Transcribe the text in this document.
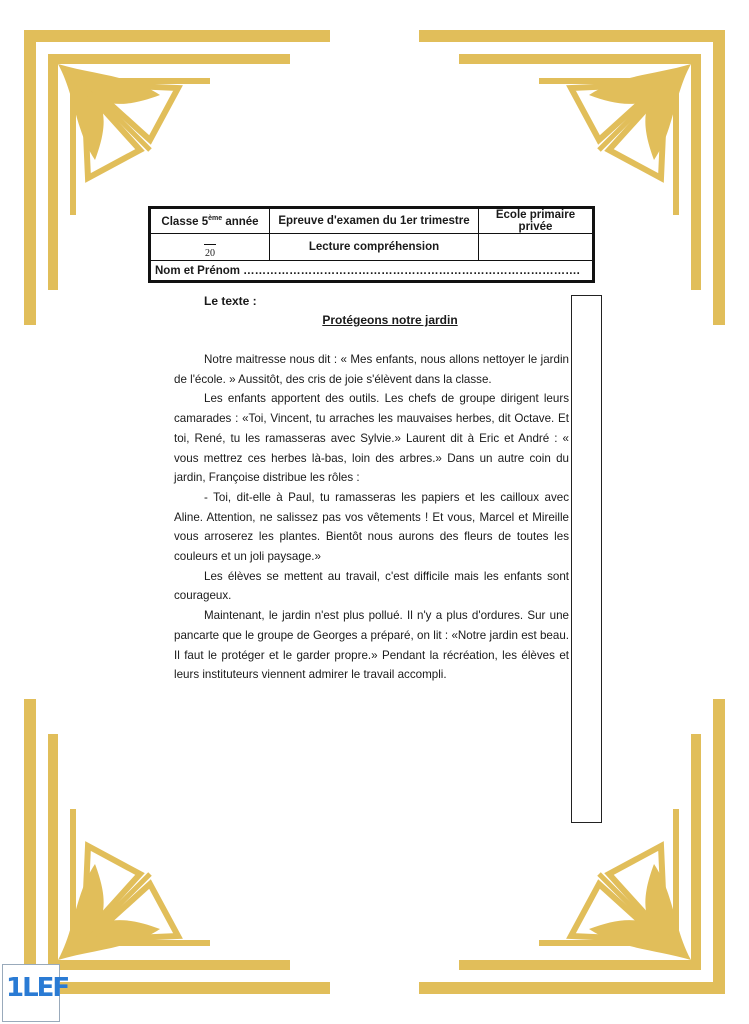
Classe 5ème année	Epreuve d'examen du 1er trimestre	Ecole primaire privée

20	Lecture compréhension	
Nom et Prénom …………………………………………………………………………….		
Le texte :
Protégeons notre jardin

Notre maitresse nous dit : « Mes enfants, nous allons nettoyer le jardin de l'école. » Aussitôt, des cris de joie s'élèvent dans la classe.

Les enfants apportent des outils. Les chefs de groupe dirigent leurs camarades : «Toi, Vincent, tu arraches les mauvaises herbes, dit Octave. Et toi, René, tu les ramasseras avec Sylvie.» Laurent dit à Eric et André : « vous mettrez ces herbes là-bas, loin des arbres.» Dans un autre coin du jardin, Françoise distribue les rôles :

- Toi, dit-elle à Paul, tu ramasseras les papiers et les cailloux avec Aline. Attention, ne salissez pas vos vêtements ! Et vous, Marcel et Mireille vous arroserez les plantes. Bientôt nous aurons des fleurs de toutes les couleurs et un joli paysage.»

Les élèves se mettent au travail, c'est difficile mais les enfants sont courageux.

Maintenant, le jardin n'est plus pollué. Il n'y a plus d'ordures. Sur une pancarte que le groupe de Georges a préparé, on lit : «Notre jardin est beau. Il faut le protéger et le garder propre.» Pendant la récréation, les élèves et leurs instituteurs viennent admirer le travail accompli.

1LEF
